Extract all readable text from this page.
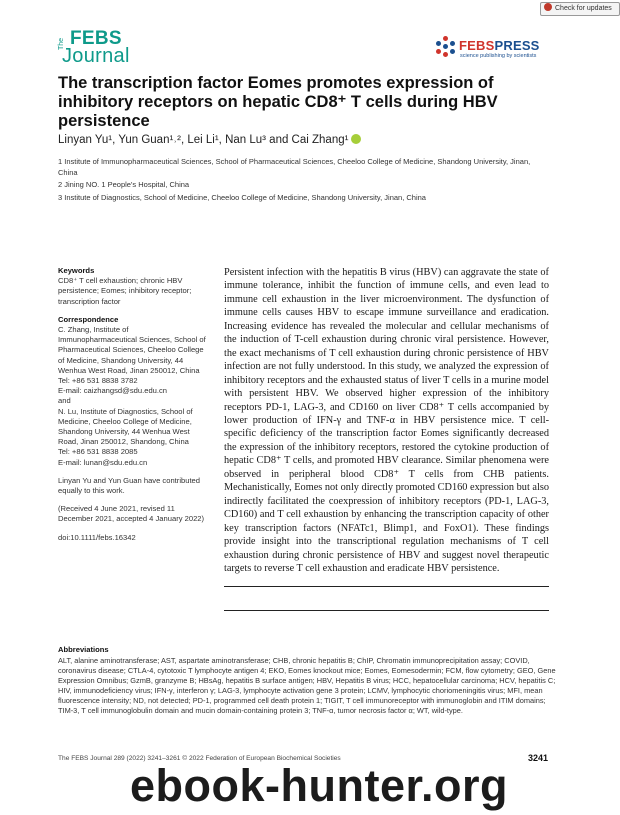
Check for updates
The FEBS
Journal	FEBSPRESS
science publishing by scientists
The transcription factor Eomes promotes expression of inhibitory receptors on hepatic CD8⁺ T cells during HBV persistence
Linyan Yu¹, Yun Guan¹˒², Lei Li¹, Nan Lu³ and Cai Zhang¹

1 Institute of Immunopharmaceutical Sciences, School of Pharmaceutical Sciences, Cheeloo College of Medicine, Shandong University, Jinan, China

2 Jining NO. 1 People's Hospital, China

3 Institute of Diagnostics, School of Medicine, Cheeloo College of Medicine, Shandong University, Jinan, China

Keywords

CD8⁺ T cell exhaustion; chronic HBV persistence; Eomes; inhibitory receptor; transcription factor

Correspondence

C. Zhang, Institute of Immunopharmaceutical Sciences, School of Pharmaceutical Sciences, Cheeloo College of Medicine, Shandong University, 44 Wenhua West Road, Jinan 250012, China

Tel: +86 531 8838 3782

E-mail: caizhangsd@sdu.edu.cn

and

N. Lu, Institute of Diagnostics, School of Medicine, Cheeloo College of Medicine, Shandong University, 44 Wenhua West Road, Jinan 250012, Shandong, China

Tel: +86 531 8838 2085

E-mail: lunan@sdu.edu.cn

Linyan Yu and Yun Guan have contributed equally to this work.

(Received 4 June 2021, revised 11 December 2021, accepted 4 January 2022)

doi:10.1111/febs.16342

Persistent infection with the hepatitis B virus (HBV) can aggravate the state of immune tolerance, inhibit the function of immune cells, and even lead to immune cell exhaustion in the liver microenvironment. The dysfunction of immune cells causes HBV to escape immune surveillance and eradication. Increasing evidence has revealed the molecular and cellular mechanisms of the induction of T-cell exhaustion during chronic viral persistence. However, the exact mechanisms of T cell exhaustion during chronic persistence of HBV infection are not fully understood. In this study, we analyzed the expression of inhibitory receptors and the exhausted status of liver T cells in a murine model with persistent HBV. We observed higher expression of the inhibitory receptors PD-1, LAG-3, and CD160 on liver CD8⁺ T cells accompanied by lower production of IFN-γ and TNF-α in HBV persistence mice. T cell-specific deficiency of the transcription factor Eomes significantly decreased the expression of the inhibitory receptors, restored the cytokine production of hepatic CD8⁺ T cells, and promoted HBV clearance. Similar phenomena were observed in peripheral blood CD8⁺ T cells from CHB patients. Mechanistically, Eomes not only directly promoted CD160 expression but also indirectly facilitated the coexpression of inhibitory receptors (PD-1, LAG-3, CD160) and T cell exhaustion by enhancing the transcription capacity of other key transcription factors (NFATc1, Blimp1, and FoxO1). These findings provide insight into the transcriptional regulation mechanisms of T cell exhaustion during chronic persistence of HBV and suggest novel therapeutic targets to reverse T cell exhaustion and eradicate HBV persistence.
Abbreviations

ALT, alanine aminotransferase; AST, aspartate aminotransferase; CHB, chronic hepatitis B; ChIP, Chromatin immunoprecipitation assay; COVID, coronavirus disease; CTLA-4, cytotoxic T lymphocyte antigen 4; EKO, Eomes knockout mice; Eomes, Eomesodermin; FCM, flow cytometry; GEO, Gene Expression Omnibus; GzmB, granzyme B; HBsAg, hepatitis B surface antigen; HBV, Hepatitis B virus; HCC, hepatocellular carcinoma; HCV, hepatitis C; HIV, immunodeficiency virus; IFN-γ, interferon γ; LAG-3, lymphocyte activation gene 3 protein; LCMV, lymphocytic choriomeningitis virus; MFI, mean fluorescence intensity; ND, not detected; PD-1, programmed cell death protein 1; TIGIT, T cell immunoreceptor with immunoglobin and ITIM domains; TIM-3, T cell immunoglobulin domain and mucin domain-containing protein 3; TNF-α, tumor necrosis factor α; WT, wild-type.

The FEBS Journal 289 (2022) 3241–3261 © 2022 Federation of European Biochemical Societies	3241
ebook-hunter.org
